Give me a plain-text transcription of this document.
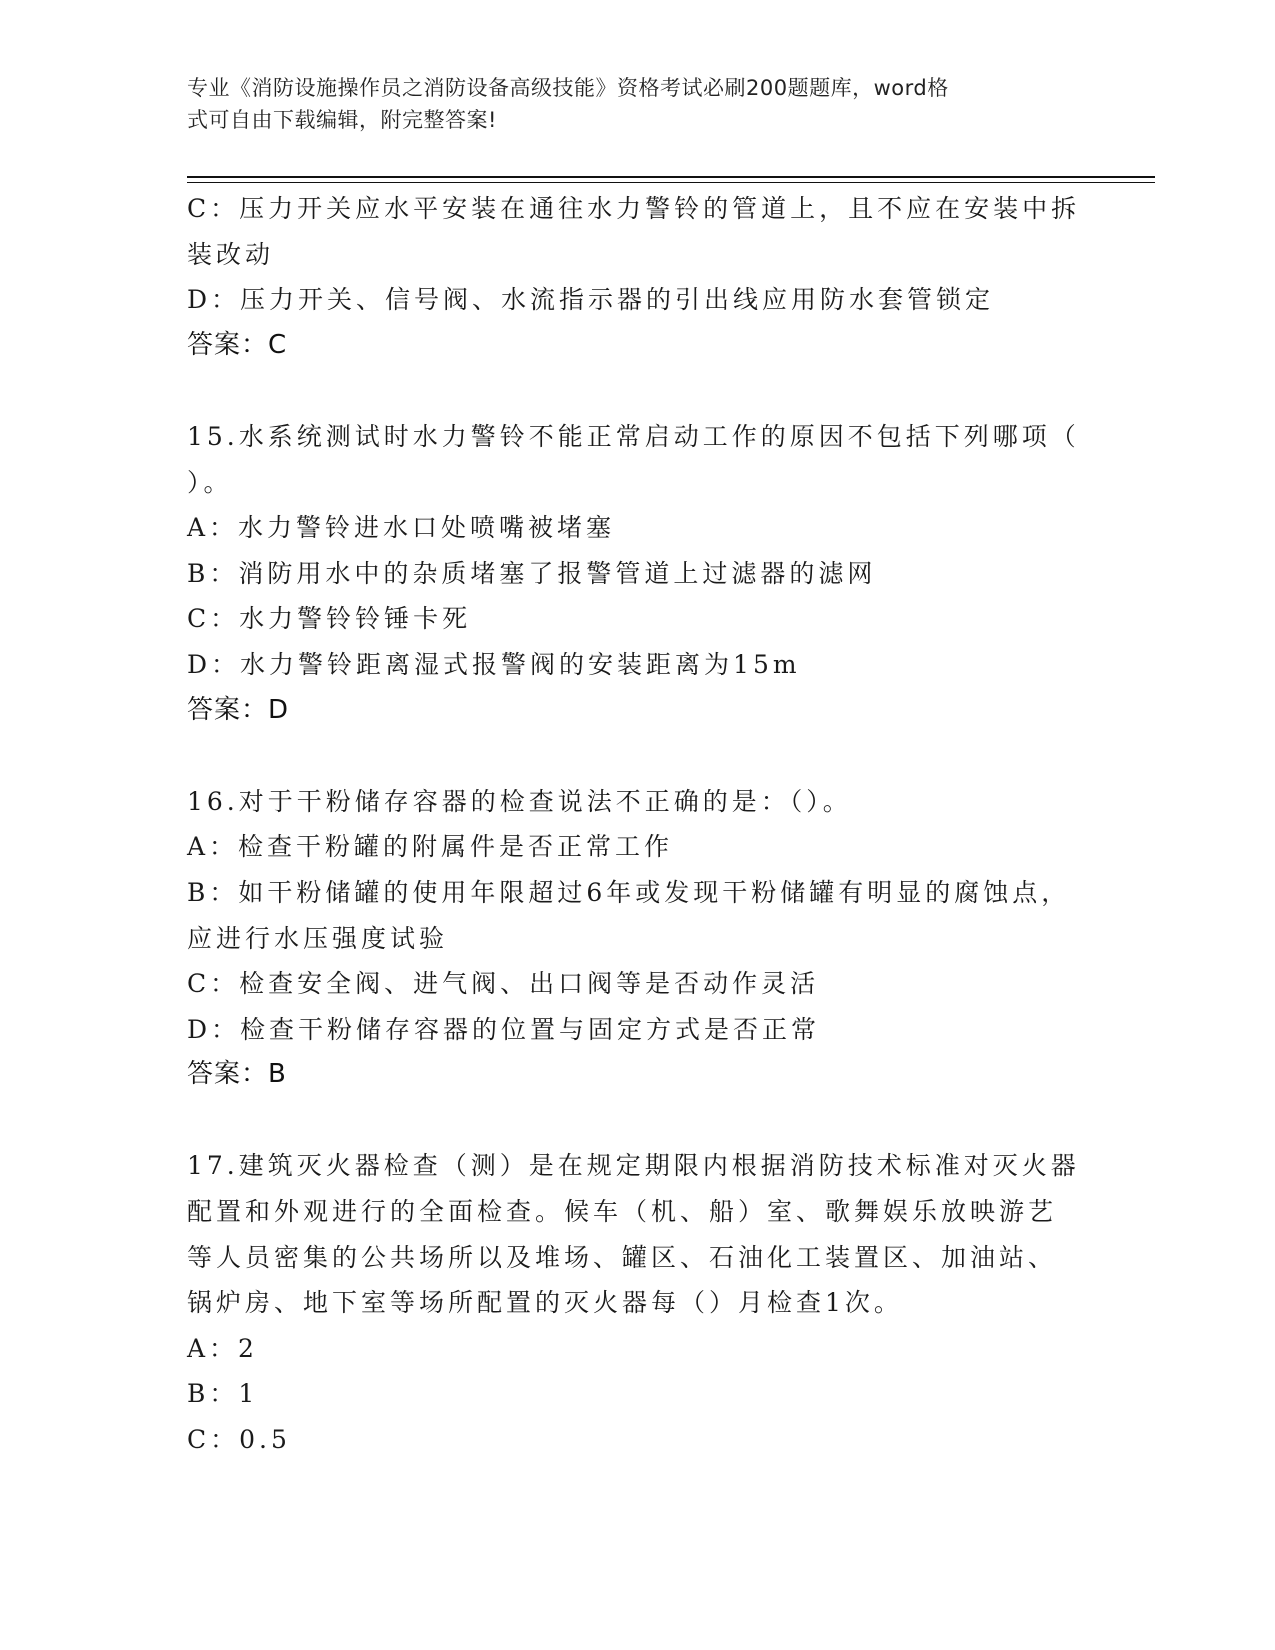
专业《消防设施操作员之消防设备高级技能》资格考试必刷200题题库，word格
式可自由下载编辑，附完整答案!
C：压力开关应水平安装在通往水力警铃的管道上，且不应在安装中拆
装改动
D：压力开关、信号阀、水流指示器的引出线应用防水套管锁定
答案：C
15.水系统测试时水力警铃不能正常启动工作的原因不包括下列哪项（
）。
A：水力警铃进水口处喷嘴被堵塞
B：消防用水中的杂质堵塞了报警管道上过滤器的滤网
C：水力警铃铃锤卡死
D：水力警铃距离湿式报警阀的安装距离为15m
答案：D
16.对于干粉储存容器的检查说法不正确的是：（）。
A：检查干粉罐的附属件是否正常工作
B：如干粉储罐的使用年限超过6年或发现干粉储罐有明显的腐蚀点，
应进行水压强度试验
C：检查安全阀、进气阀、出口阀等是否动作灵活
D：检查干粉储存容器的位置与固定方式是否正常
答案：B
17.建筑灭火器检查（测）是在规定期限内根据消防技术标准对灭火器
配置和外观进行的全面检查。候车（机、船）室、歌舞娱乐放映游艺
等人员密集的公共场所以及堆场、罐区、石油化工装置区、加油站、
锅炉房、地下室等场所配置的灭火器每（）月检查1次。
A：2
B：1
C：0.5
